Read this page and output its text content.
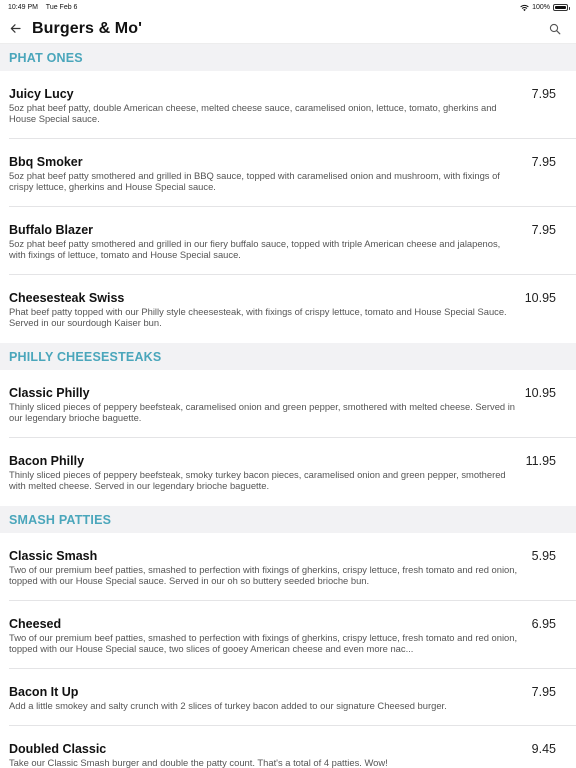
10:49 PM Tue Feb 6	100%
Burgers & Mo'
PHAT ONES
Juicy Lucy	7.95
5oz phat beef patty, double American cheese, melted cheese sauce, caramelised onion, lettuce, tomato, gherkins and House Special sauce.
Bbq Smoker	7.95
5oz phat beef patty smothered and grilled in BBQ sauce, topped with caramelised onion and mushroom, with fixings of crispy lettuce, gherkins and House Special sauce.
Buffalo Blazer	7.95
5oz phat beef patty smothered and grilled in our fiery buffalo sauce, topped with triple American cheese and jalapenos, with fixings of lettuce, tomato and House Special sauce.
Cheesesteak Swiss	10.95
Phat beef patty topped with our Philly style cheesesteak, with fixings of crispy lettuce, tomato and House Special Sauce. Served in our sourdough Kaiser bun.
PHILLY CHEESESTEAKS
Classic Philly	10.95
Thinly sliced pieces of peppery beefsteak, caramelised onion and green pepper, smothered with melted cheese. Served in our legendary brioche baguette.
Bacon Philly	11.95
Thinly sliced pieces of peppery beefsteak, smoky turkey bacon pieces, caramelised onion and green pepper, smothered with melted cheese. Served in our legendary brioche baguette.
SMASH PATTIES
Classic Smash	5.95
Two of our premium beef patties, smashed to perfection with fixings of gherkins, crispy lettuce, fresh tomato and red onion, topped with our House Special sauce. Served in our oh so buttery seeded brioche bun.
Cheesed	6.95
Two of our premium beef patties, smashed to perfection with fixings of gherkins, crispy lettuce, fresh tomato and red onion, topped with our House Special sauce, two slices of gooey American cheese and even more nac...
Bacon It Up	7.95
Add a little smokey and salty crunch with 2 slices of turkey bacon added to our signature Cheesed burger.
Doubled Classic	9.45
Take our Classic Smash burger and double the patty count. That's a total of 4 patties. Wow!
